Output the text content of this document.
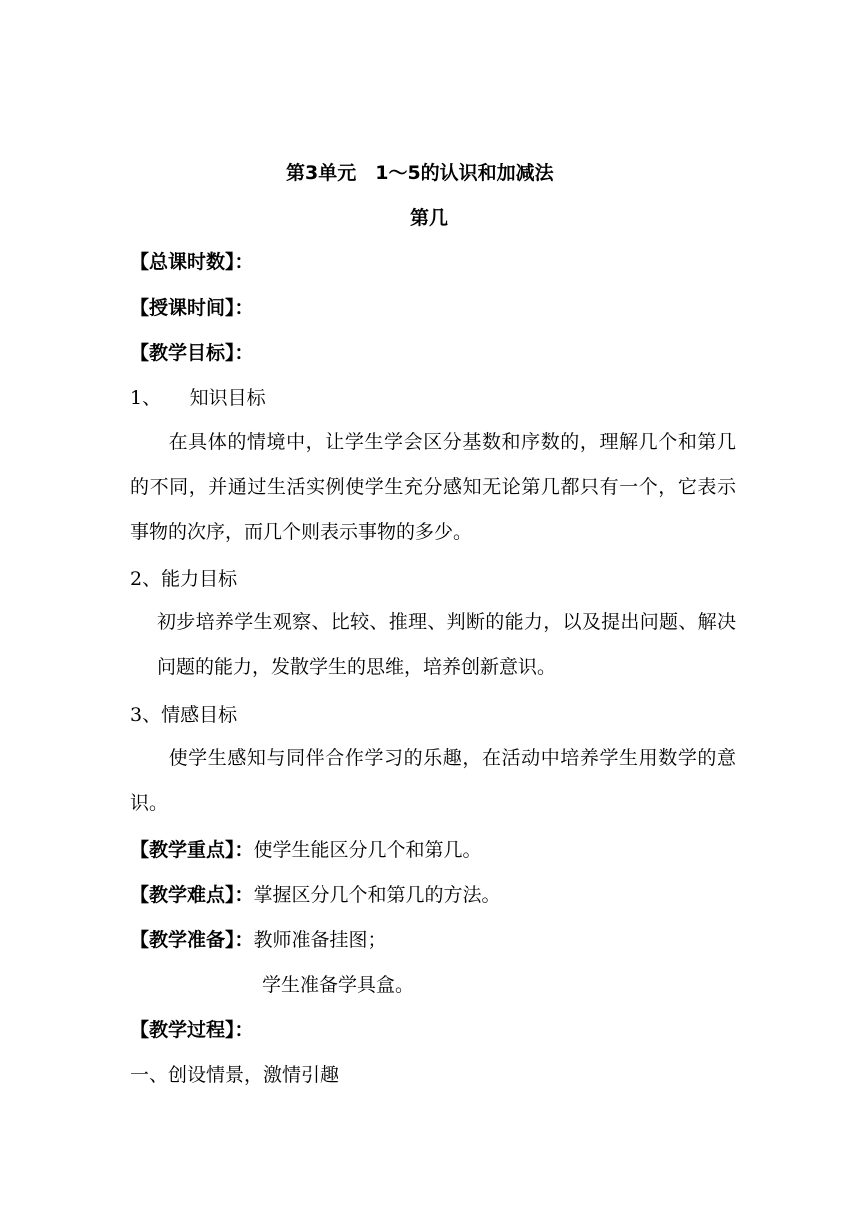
第3单元　1～5的认识和加减法
第几
【总课时数】：
【授课时间】：
【教学目标】：
1、　　知识目标
　在具体的情境中，让学生学会区分基数和序数的，理解几个和第几的不同，并通过生活实例使学生充分感知无论第几都只有一个，它表示事物的次序，而几个则表示事物的多少。
2、能力目标
初步培养学生观察、比较、推理、判断的能力，以及提出问题、解决问题的能力，发散学生的思维，培养创新意识。
3、情感目标
　使学生感知与同伴合作学习的乐趣，在活动中培养学生用数学的意识。
【教学重点】：使学生能区分几个和第几。
【教学难点】：掌握区分几个和第几的方法。
【教学准备】：教师准备挂图；
学生准备学具盒。
【教学过程】：
一、创设情景，激情引趣
